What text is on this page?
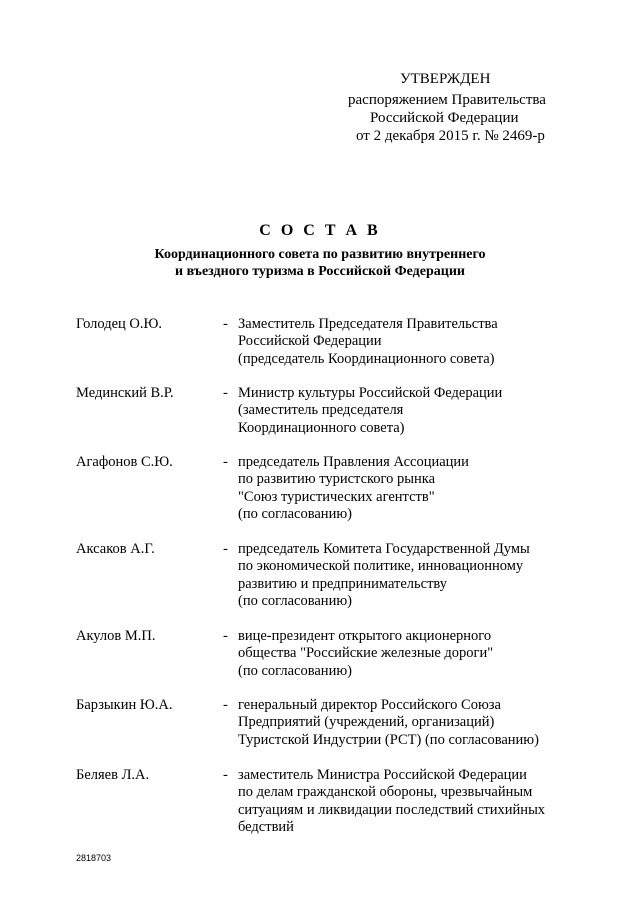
УТВЕРЖДЕН
распоряжением Правительства
Российской Федерации
от 2 декабря 2015 г. № 2469-р
С О С Т А В
Координационного совета по развитию внутреннего
и въездного туризма в Российской Федерации
Голодец О.Ю.	- Заместитель Председателя Правительства
Российской Федерации
(председатель Координационного совета)
Мединский В.Р.	- Министр культуры Российской Федерации
(заместитель председателя
Координационного совета)
Агафонов С.Ю.	- председатель Правления Ассоциации
по развитию туристского рынка
"Союз туристических агентств"
(по согласованию)
Аксаков А.Г.	- председатель Комитета Государственной Думы
по экономической политике, инновационному
развитию и предпринимательству
(по согласованию)
Акулов М.П.	- вице-президент открытого акционерного
общества "Российские железные дороги"
(по согласованию)
Барзыкин Ю.А.	- генеральный директор Российского Союза
Предприятий (учреждений, организаций)
Туристской Индустрии (РСТ) (по согласованию)
Беляев Л.А.	- заместитель Министра Российской Федерации
по делам гражданской обороны, чрезвычайным
ситуациям и ликвидации последствий стихийных
бедствий
2818703
